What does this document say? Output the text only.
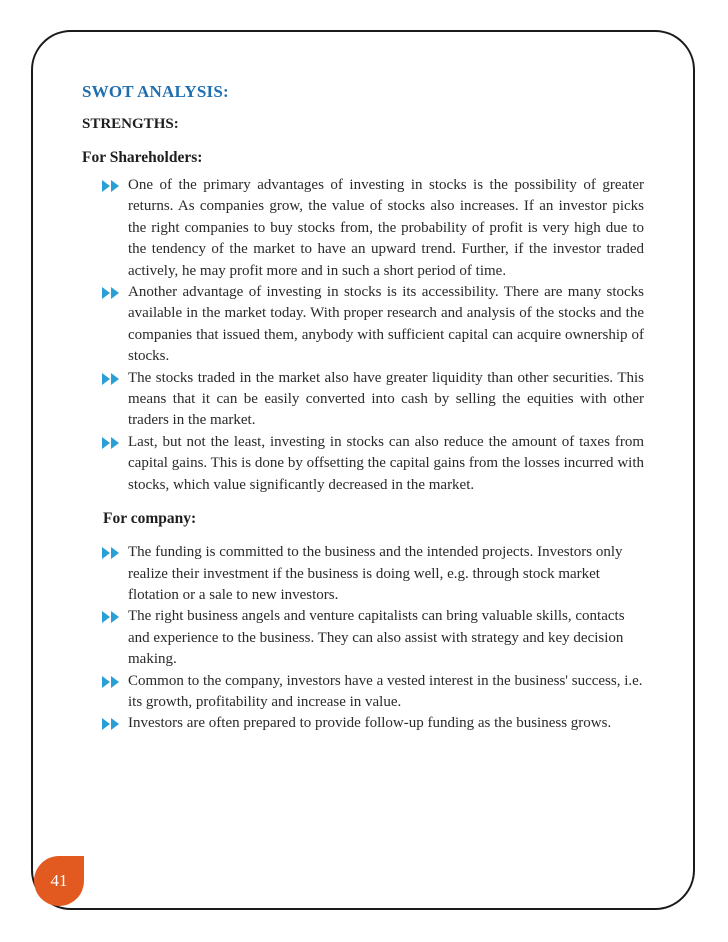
SWOT ANALYSIS:
STRENGTHS:
For Shareholders:
One of the primary advantages of investing in stocks is the possibility of greater returns. As companies grow, the value of stocks also increases. If an investor picks the right companies to buy stocks from, the probability of profit is very high due to the tendency of the market to have an upward trend. Further, if the investor traded actively, he may profit more and in such a short period of time.
Another advantage of investing in stocks is its accessibility. There are many stocks available in the market today. With proper research and analysis of the stocks and the companies that issued them, anybody with sufficient capital can acquire ownership of stocks.
The stocks traded in the market also have greater liquidity than other securities. This means that it can be easily converted into cash by selling the equities with other traders in the market.
Last, but not the least, investing in stocks can also reduce the amount of taxes from capital gains. This is done by offsetting the capital gains from the losses incurred with stocks, which value significantly decreased in the market.
For company:
The funding is committed to the business and the intended projects. Investors only realize their investment if the business is doing well, e.g. through stock market flotation or a sale to new investors.
The right business angels and venture capitalists can bring valuable skills, contacts and experience to the business. They can also assist with strategy and key decision making.
Common to the company, investors have a vested interest in the business' success, i.e. its growth, profitability and increase in value.
Investors are often prepared to provide follow-up funding as the business grows.
41
